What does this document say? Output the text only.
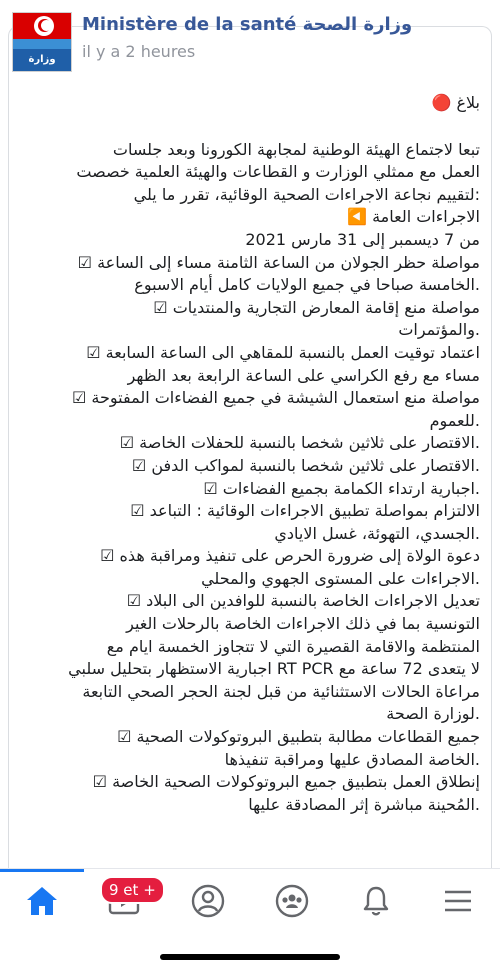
وزارة الصحة
Ministère de la santé وزارة الصحة
il y a 2 heures
بلاغ 🔴
تبعا لاجتماع الهيئة الوطنية لمجابهة الكورونا وبعد جلسات
العمل مع ممثلي الوزارت و القطاعات والهيئة العلمية خصصت
:لتقييم نجاعة الاجراءات الصحية الوقائية، تقرر ما يلي
الاجراءات العامة ◀️
من 7 ديسمبر إلى 31 مارس 2021
مواصلة حظر الجولان من الساعة الثامنة مساء إلى الساعة ☑
.الخامسة صباحا في جميع الولايات كامل أيام الاسبوع
مواصلة منع إقامة المعارض التجارية والمنتديات ☑
.والمؤتمرات
اعتماد توقيت العمل بالنسبة للمقاهي الى الساعة السابعة ☑
مساء مع رفع الكراسي على الساعة الرابعة بعد الظهر
مواصلة منع استعمال الشيشة في جميع الفضاءات المفتوحة ☑
.للعموم
.الاقتصار على ثلاثين شخصا بالنسبة للحفلات الخاصة ☑
.الاقتصار على ثلاثين شخصا بالنسبة لمواكب الدفن ☑
.اجبارية ارتداء الكمامة بجميع الفضاءات ☑
الالتزام بمواصلة تطبيق الاجراءات الوقائية : التباعد ☑
.الجسدي، التهوئة، غسل الايادي
دعوة الولاة إلى ضرورة الحرص على تنفيذ ومراقبة هذه ☑
.الاجراءات على المستوى الجهوي والمحلي
تعديل الاجراءات الخاصة بالنسبة للوافدين الى البلاد ☑
التونسية بما في ذلك الاجراءات الخاصة بالرحلات الغير
المنتظمة والاقامة القصيرة التي لا تتجاوز الخمسة ايام مع
لا يتعدى 72 ساعة مع RT PCR اجبارية الاستظهار بتحليل سلبي
مراعاة الحالات الاستثنائية من قبل لجنة الحجر الصحي التابعة
.لوزارة الصحة
جميع القطاعات مطالبة بتطبيق البروتوكولات الصحية ☑
.الخاصة المصادق عليها ومراقبة تنفيذها
إنطلاق العمل بتطبيق جميع البروتوكولات الصحية الخاصة ☑
.المُحينة مباشرة إثر المصادقة عليها
9 et +
